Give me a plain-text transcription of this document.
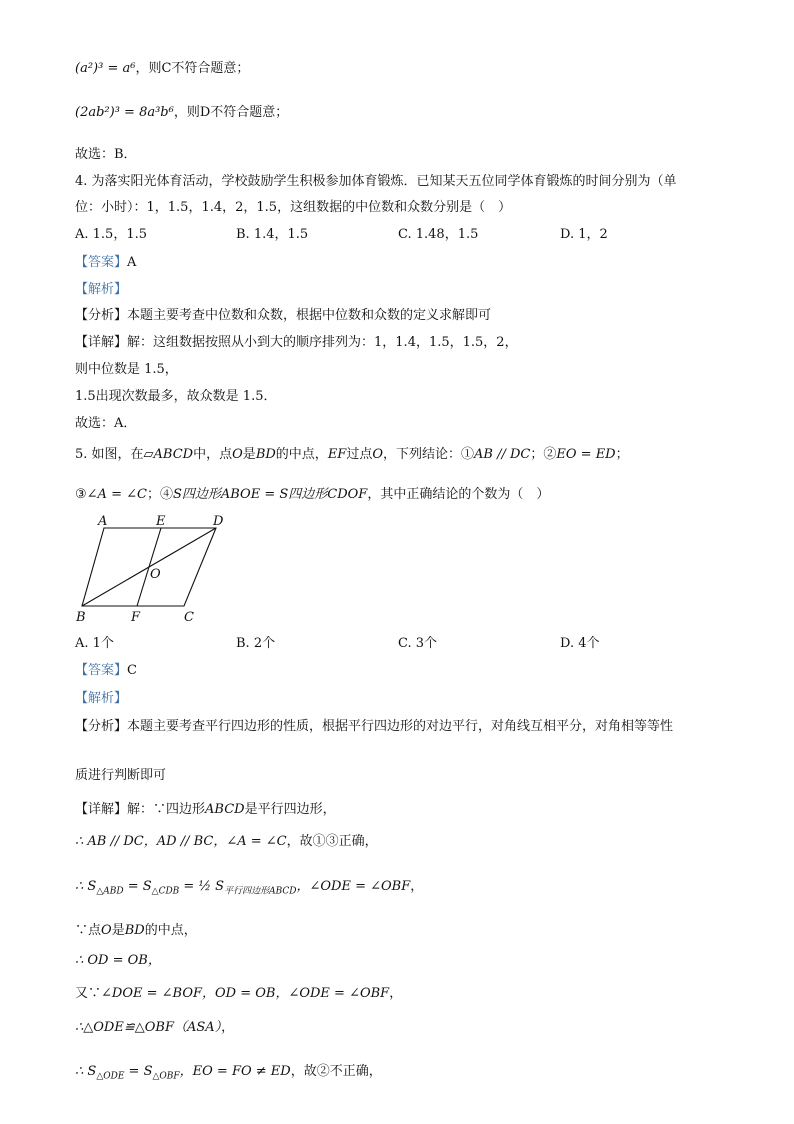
(a²)³ = a⁶，则C不符合题意；
(2ab²)³ = 8a³b⁶，则D不符合题意；
故选：B．
4. 为落实阳光体育活动，学校鼓励学生积极参加体育锻炼．已知某天五位同学体育锻炼的时间分别为（单
位：小时）：1，1.5，1.4，2，1.5，这组数据的中位数和众数分别是（　）
A. 1.5，1.5	B. 1.4，1.5	C. 1.48，1.5	D. 1，2
【答案】A
【解析】
【分析】本题主要考查中位数和众数，根据中位数和众数的定义求解即可
【详解】解：这组数据按照从小到大的顺序排列为：1，1.4，1.5，1.5，2，
则中位数是 1.5，
1.5出现次数最多，故众数是 1.5．
故选：A．
5. 如图，在▱ABCD中，点O是BD的中点，EF过点O，下列结论：①AB // DC；②EO = ED；
③∠A = ∠C；④S四边形ABOE = S四边形CDOF，其中正确结论的个数为（　）
A	E	D
O
B	F	C
A. 1个	B. 2个	C. 3个	D. 4个
【答案】C
【解析】
【分析】本题主要考查平行四边形的性质，根据平行四边形的对边平行，对角线互相平分，对角相等等性
质进行判断即可
【详解】解：∵四边形ABCD是平行四边形，
∴ AB // DC，AD // BC，∠A = ∠C，故①③正确，
∴ $S_{\triangle ABD} = S_{\triangle CDB}$ = ½ $S_{平行四边形ABCD}$，∠ODE = ∠OBF，
∵点O是BD的中点，
∴ OD = OB，
又∵∠DOE = ∠BOF，OD = OB，∠ODE = ∠OBF，
∴△ODE≌△OBF（ASA），
∴ $S_{\triangle ODE} = S_{\triangle OBF}$，EO = FO ≠ ED，故②不正确，
